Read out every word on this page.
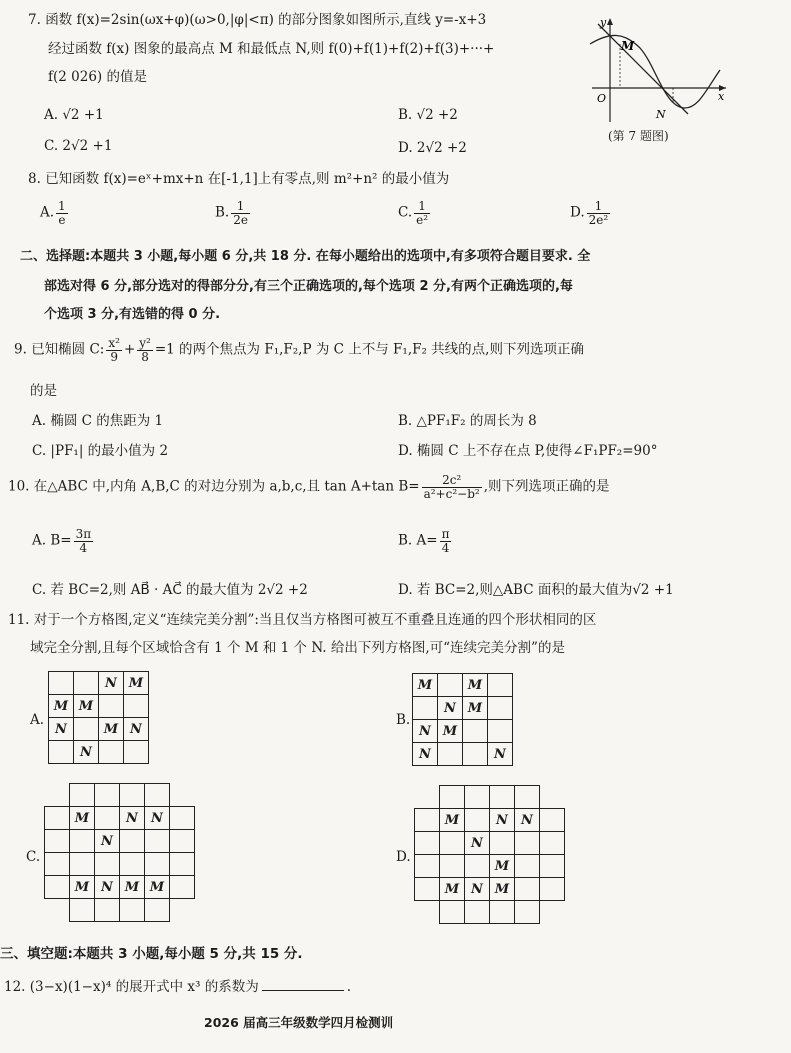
7. 函数 f(x)=2sin(ωx+φ)(ω>0,|φ|<π) 的部分图象如图所示,直线 y=-x+3
经过函数 f(x) 图象的最高点 M 和最低点 N,则 f(0)+f(1)+f(2)+f(3)+···+
f(2 026) 的值是
A. √2 +1	B. √2 +2
C. 2√2 +1	D. 2√2 +2
y
x
O
M
N
(第 7 题图)
8. 已知函数 f(x)=eˣ+mx+n 在[-1,1]上有零点,则 m²+n² 的最小值为
A. $\frac{1}{e}$	B. $\frac{1}{2e}$	C. $\frac{1}{\text{e²}}$	D. $\frac{1}{\text{2e²}}$
二、选择题:本题共 3 小题,每小题 6 分,共 18 分. 在每小题给出的选项中,有多项符合题目要求. 全
部选对得 6 分,部分选对的得部分分,有三个正确选项的,每个选项 2 分,有两个正确选项的,每
个选项 3 分,有选错的得 0 分.
9. 已知椭圆 C: $\frac{\text{x²}}{9} + \frac{\text{y²}}{8} =1$ 的两个焦点为 F₁,F₂,P 为 C 上不与 F₁,F₂ 共线的点,则下列选项正确
的是
A. 椭圆 C 的焦距为 1	B. △PF₁F₂ 的周长为 8
C. |PF₁| 的最小值为 2	D. 椭圆 C 上不存在点 P,使得∠F₁PF₂=90°
10. 在△ABC 中,内角 A,B,C 的对边分别为 a,b,c,且 tan A+tan $B= \frac{\text{2c²}}{\text{a²+c²−b²}}$ ,则下列选项正确的是
A. $B= \frac{3\pi}{4}$	B. $A= \frac{\pi}{4}$
C. 若 BC=2,则 AB⃗ · AC⃗ 的最大值为 2√2 +2	D. 若 BC=2,则△ABC 面积的最大值为√2 +1
11. 对于一个方格图,定义“连续完美分割”:当且仅当方格图可被互不重叠且连通的四个形状相同的区
域完全分割,且每个区域恰含有 1 个 M 和 1 个 N. 给出下列方格图,可“连续完美分割”的是
A.
		N	M
M	M		
N		M	N
	N		
B.
M		M	
	N	M	
N	M		
N			N
C.

	M		N	N	
		N			

	M	N	M	M	

D.

	M		N	N	
		N			
			M		
	M	N	M		

三、填空题:本题共 3 小题,每小题 5 分,共 15 分.
12. (3−x)(1−x)⁴ 的展开式中 x³ 的系数为	.
2026 届高三年级数学四月检测训
